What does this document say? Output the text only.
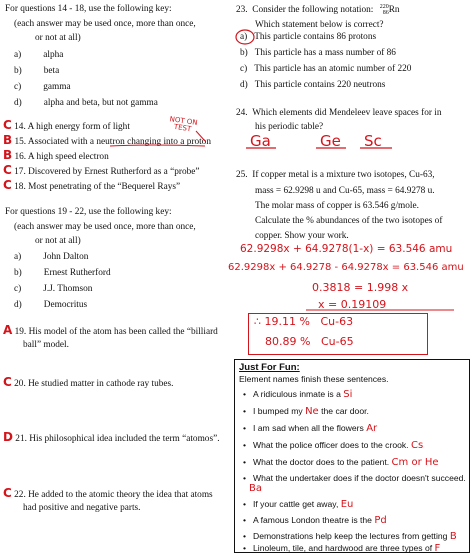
For questions 14 - 18, use the following key:
(each answer may be used once, more than once,
or not at all)
a) alpha
b) beta
c) gamma
d) alpha and beta, but not gamma
C 14. A high energy form of light
B 15. Associated with a neutron changing into a proton
B 16. A high speed electron
C 17. Discovered by Ernest Rutherford as a “probe”
C 18. Most penetrating of the “Bequerel Rays”
NOT ON TEST
For questions 19 - 22, use the following key:
(each answer may be used once, more than once,
or not at all)
a) John Dalton
b) Ernest Rutherford
c) J.J. Thomson
d) Democritus
A 19. His model of the atom has been called the “billiard
ball” model.
C 20. He studied matter in cathode ray tubes.
D 21. His philosophical idea included the term “atomos”.
C 22. He added to the atomic theory the idea that atoms
had positive and negative parts.
23. Consider the following notation: 220
86 Rn
Which statement below is correct?
a) This particle contains 86 protons
b) This particle has a mass number of 86
c) This particle has an atomic number of 220
d) This particle contains 220 neutrons
24. Which elements did Mendeleev leave spaces for in
his periodic table?
Ga	Ge Sc
25. If copper metal is a mixture two isotopes, Cu-63,
mass = 62.9298 u and Cu-65, mass = 64.9278 u.
The molar mass of copper is 63.546 g/mole.
Calculate the % abundances of the two isotopes of
copper. Show your work.
62.9298x + 64.9278(1-x) = 63.546 amu
62.9298x + 64.9278 - 64.9278x = 63.546 amu
0.3818 = 1.998 x
x = 0.19109
∴ 19.11 % Cu-63
80.89 % Cu-65
Just For Fun:
Element names finish these sentences.
• A ridiculous inmate is a Si
• I bumped my Ne the car door.
• I am sad when all the flowers Ar
• What the police officer does to the crook. Cs
• What the doctor does to the patient. Cm or He
• What the undertaker does if the doctor doesn't succeed.
Ba
• If your cattle get away, Eu
• A famous London theatre is the Pd
• Demonstrations help keep the lectures from getting B
• Linoleum, tile, and hardwood are three types of F
